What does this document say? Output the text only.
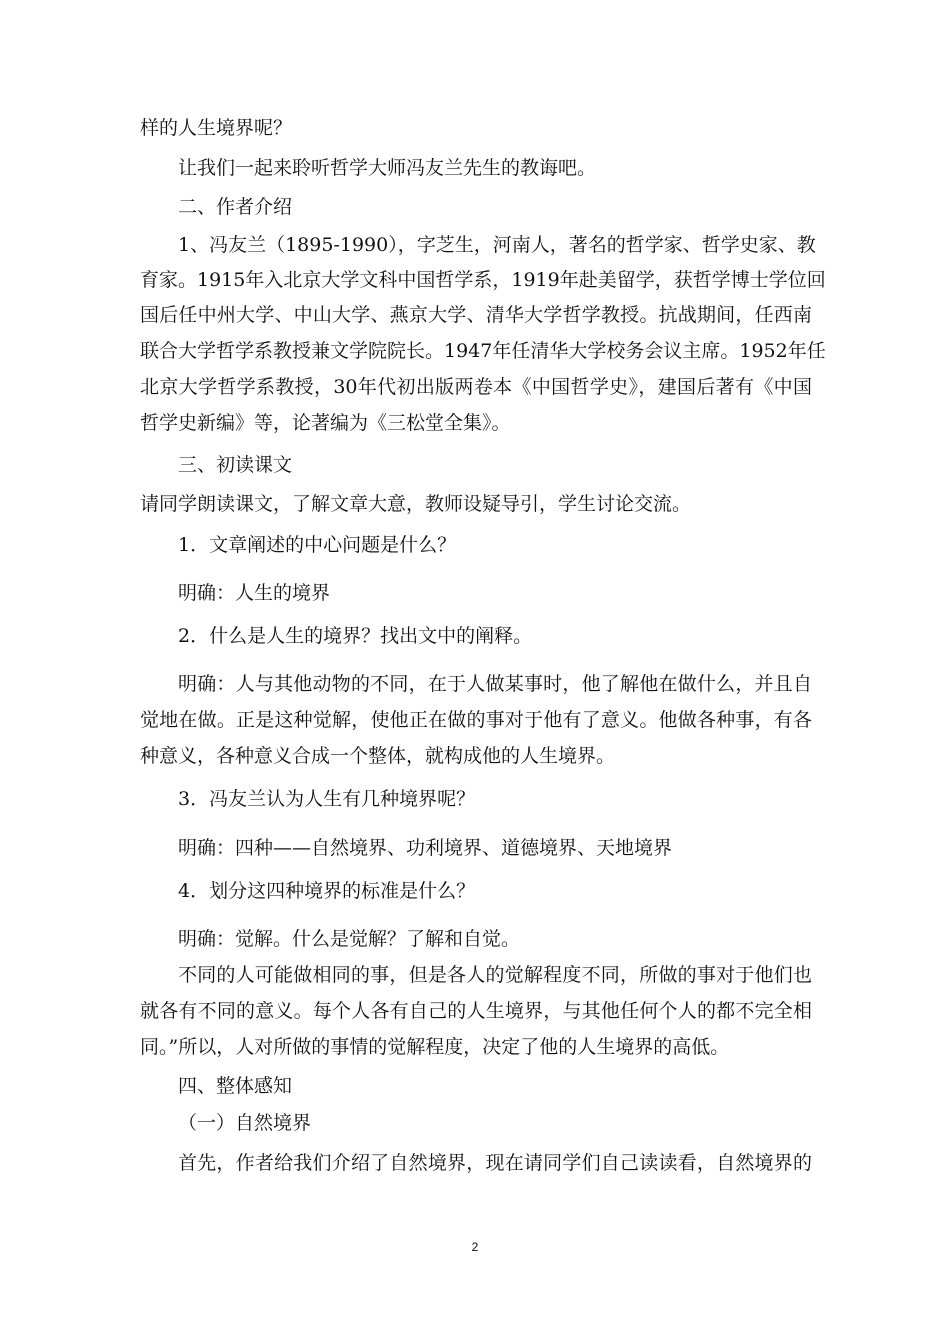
样的人生境界呢？
让我们一起来聆听哲学大师冯友兰先生的教诲吧。
二、作者介绍
1、冯友兰（1895-1990），字芝生，河南人，著名的哲学家、哲学史家、教
育家。1915年入北京大学文科中国哲学系，1919年赴美留学，获哲学博士学位回
国后任中州大学、中山大学、燕京大学、清华大学哲学教授。抗战期间，任西南
联合大学哲学系教授兼文学院院长。1947年任清华大学校务会议主席。1952年任
北京大学哲学系教授，30年代初出版两卷本《中国哲学史》，建国后著有《中国
哲学史新编》等，论著编为《三松堂全集》。
三、初读课文
请同学朗读课文，了解文章大意，教师设疑导引，学生讨论交流。
1．文章阐述的中心问题是什么？
明确：人生的境界
2．什么是人生的境界？找出文中的阐释。
明确：人与其他动物的不同，在于人做某事时，他了解他在做什么，并且自
觉地在做。正是这种觉解，使他正在做的事对于他有了意义。他做各种事，有各
种意义，各种意义合成一个整体，就构成他的人生境界。
3．冯友兰认为人生有几种境界呢？
明确：四种——自然境界、功利境界、道德境界、天地境界
4．划分这四种境界的标准是什么？
明确：觉解。什么是觉解？了解和自觉。
不同的人可能做相同的事，但是各人的觉解程度不同，所做的事对于他们也
就各有不同的意义。每个人各有自己的人生境界，与其他任何个人的都不完全相
同。”所以，人对所做的事情的觉解程度，决定了他的人生境界的高低。
四、整体感知
（一）自然境界
首先，作者给我们介绍了自然境界，现在请同学们自己读读看，自然境界的
2
